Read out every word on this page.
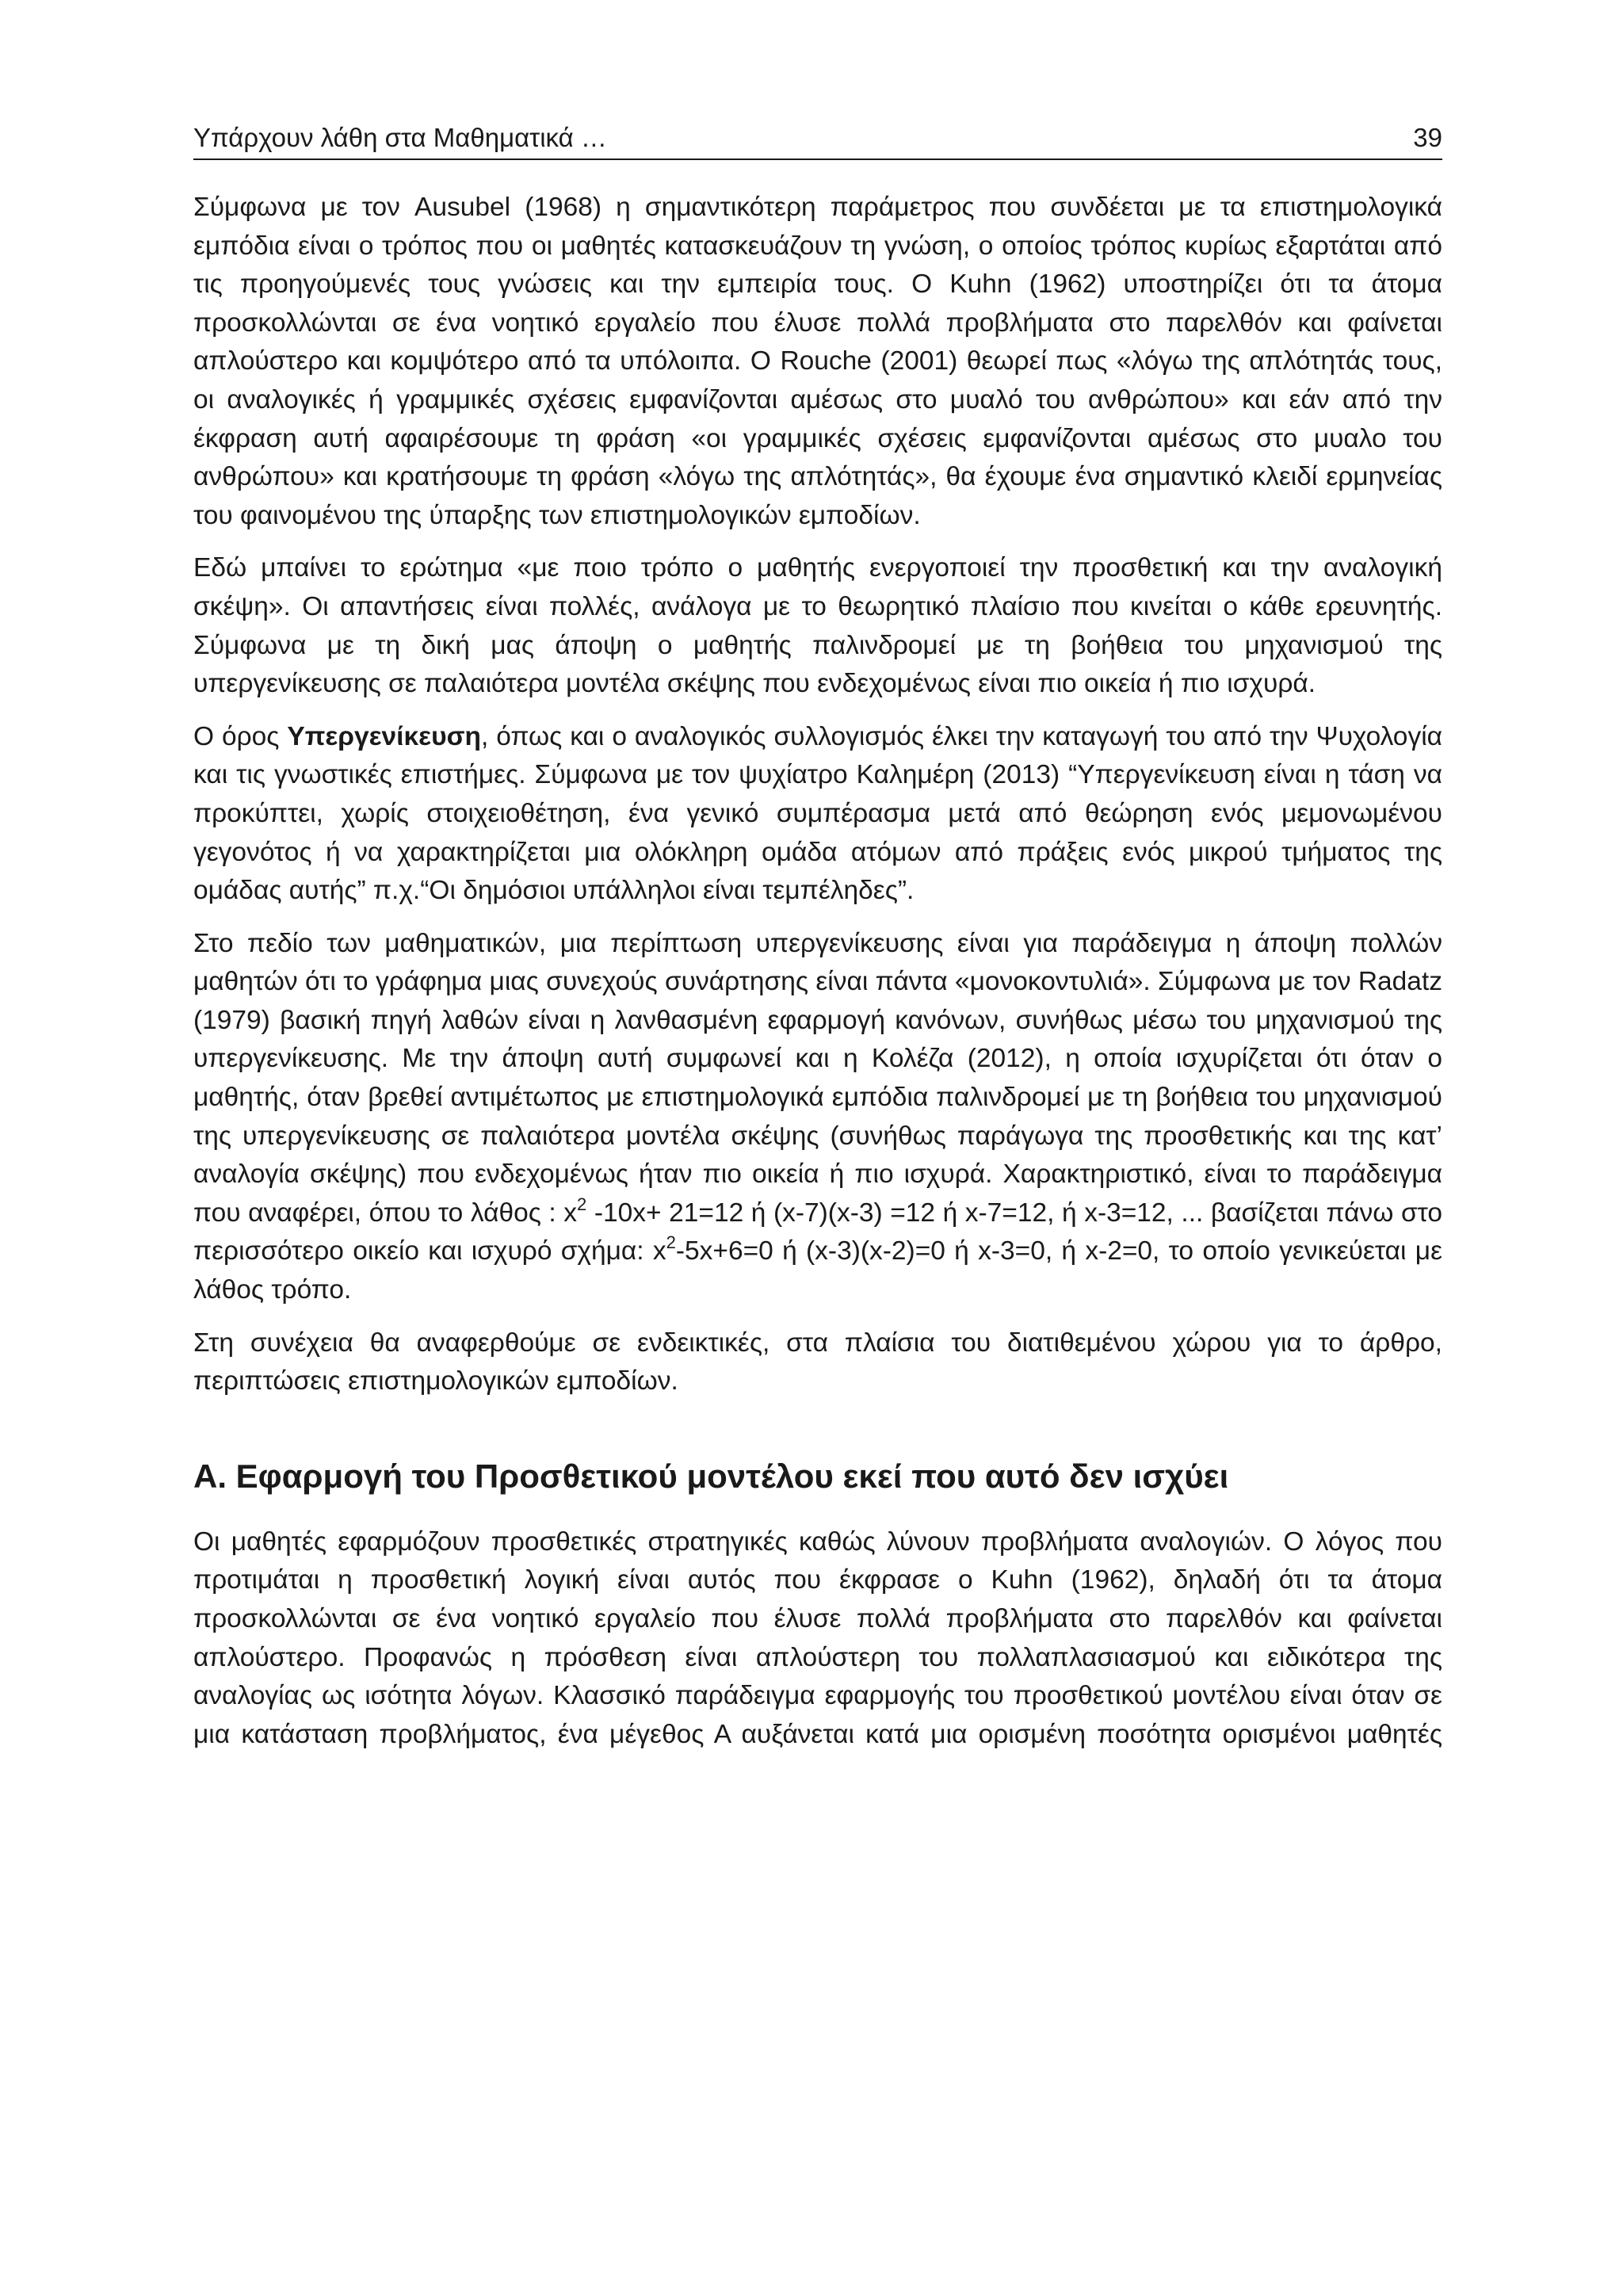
Υπάρχουν λάθη στα Μαθηματικά …	39

Σύμφωνα με τον Ausubel (1968) η σημαντικότερη παράμετρος που συνδέεται με τα επιστημολογικά εμπόδια είναι ο τρόπος που οι μαθητές κατασκευάζουν τη γνώση, ο οποίος τρόπος κυρίως εξαρτάται από τις προηγούμενές τους γνώσεις και την εμπειρία τους. Ο Kuhn (1962) υποστηρίζει ότι τα άτομα προσκολλώνται σε ένα νοητικό εργαλείο που έλυσε πολλά προβλήματα στο παρελθόν και φαίνεται απλούστερο και κομψότερο από τα υπόλοιπα. Ο Rouche (2001) θεωρεί πως «λόγω της απλότητάς τους, οι αναλογικές ή γραμμικές σχέσεις εμφανίζονται αμέσως στο μυαλό του ανθρώπου» και εάν από την έκφραση αυτή αφαιρέσουμε τη φράση «οι γραμμικές σχέσεις εμφανίζονται αμέσως στο μυαλο του ανθρώπου» και κρατήσουμε τη φράση «λόγω της απλότητάς», θα έχουμε ένα σημαντικό κλειδί ερμηνείας του φαινομένου της ύπαρξης των επιστημολογικών εμποδίων.

Εδώ μπαίνει το ερώτημα «με ποιο τρόπο ο μαθητής ενεργοποιεί την προσθετική και την αναλογική σκέψη». Οι απαντήσεις είναι πολλές, ανάλογα με το θεωρητικό πλαίσιο που κινείται ο κάθε ερευνητής. Σύμφωνα με τη δική μας άποψη ο μαθητής παλινδρομεί με τη βοήθεια του μηχανισμού της υπεργενίκευσης σε παλαιότερα μοντέλα σκέψης που ενδεχομένως είναι πιο οικεία ή πιο ισχυρά.

Ο όρος Υπεργενίκευση, όπως και ο αναλογικός συλλογισμός έλκει την καταγωγή του από την Ψυχολογία και τις γνωστικές επιστήμες. Σύμφωνα με τον ψυχίατρο Καλημέρη (2013) “Υπεργενίκευση είναι η τάση να προκύπτει, χωρίς στοιχειοθέτηση, ένα γενικό συμπέρασμα μετά από θεώρηση ενός μεμονωμένου γεγονότος ή να χαρακτηρίζεται μια ολόκληρη ομάδα ατόμων από πράξεις ενός μικρού τμήματος της ομάδας αυτής” π.χ.“Οι δημόσιοι υπάλληλοι είναι τεμπέληδες”.

Στο πεδίο των μαθηματικών, μια περίπτωση υπεργενίκευσης είναι για παράδειγμα η άποψη πολλών μαθητών ότι το γράφημα μιας συνεχούς συνάρτησης είναι πάντα «μονοκοντυλιά». Σύμφωνα με τον Radatz (1979) βασική πηγή λαθών είναι η λανθασμένη εφαρμογή κανόνων, συνήθως μέσω του μηχανισμού της υπεργενίκευσης. Με την άποψη αυτή συμφωνεί και η Κολέζα (2012), η οποία ισχυρίζεται ότι όταν ο μαθητής, όταν βρεθεί αντιμέτωπος με επιστημολογικά εμπόδια παλινδρομεί με τη βοήθεια του μηχανισμού της υπεργενίκευσης σε παλαιότερα μοντέλα σκέψης (συνήθως παράγωγα της προσθετικής και της κατ’ αναλογία σκέψης) που ενδεχομένως ήταν πιο οικεία ή πιο ισχυρά. Χαρακτηριστικό, είναι το παράδειγμα που αναφέρει, όπου το λάθος : $x^2$ -10x+ 21=12 ή (x-7)(x-3) =12 ή x-7=12, ή x-3=12, ... βασίζεται πάνω στο περισσότερο οικείο και ισχυρό σχήμα: $x^2-5x+6=0$ ή (x-3)(x-2)=0 ή x-3=0, ή x-2=0, το οποίο γενικεύεται με λάθος τρόπο.

Στη συνέχεια θα αναφερθούμε σε ενδεικτικές, στα πλαίσια του διατιθεμένου χώρου για το άρθρο, περιπτώσεις επιστημολογικών εμποδίων.

Α. Εφαρμογή του Προσθετικού μοντέλου εκεί που αυτό δεν ισχύει

Οι μαθητές εφαρμόζουν προσθετικές στρατηγικές καθώς λύνουν προβλήματα αναλογιών. Ο λόγος που προτιμάται η προσθετική λογική είναι αυτός που έκφρασε ο Kuhn (1962), δηλαδή ότι τα άτομα προσκολλώνται σε ένα νοητικό εργαλείο που έλυσε πολλά προβλήματα στο παρελθόν και φαίνεται απλούστερο. Προφανώς η πρόσθεση είναι απλούστερη του πολλαπλασιασμού και ειδικότερα της αναλογίας ως ισότητα λόγων. Κλασσικό παράδειγμα εφαρμογής του προσθετικού μοντέλου είναι όταν σε μια κατάσταση προβλήματος, ένα μέγεθος Α αυξάνεται κατά μια ορισμένη ποσότητα ορισμένοι μαθητές
